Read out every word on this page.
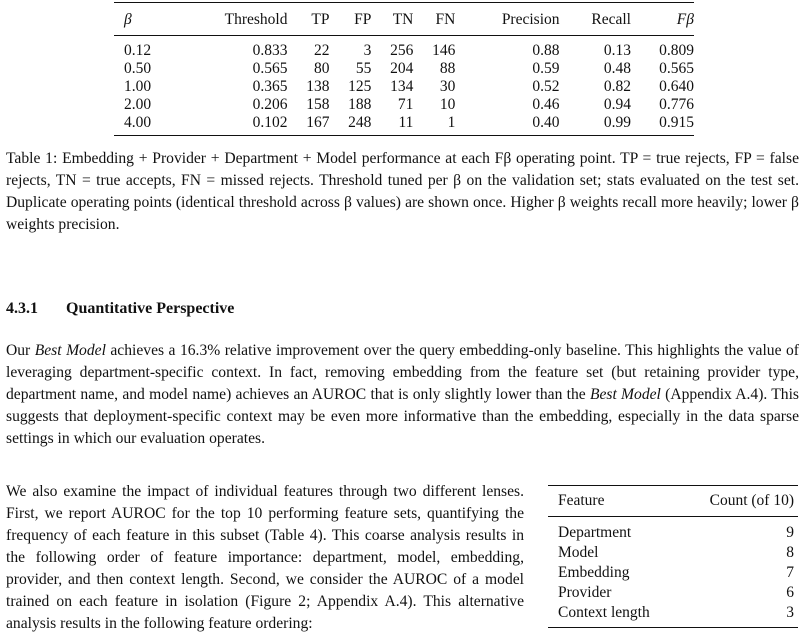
β	Threshold	TP	FP	TN	FN	Precision	Recall	Fβ
0.12	0.833	22	3	256	146	0.88	0.13	0.809
0.50	0.565	80	55	204	88	0.59	0.48	0.565
1.00	0.365	138	125	134	30	0.52	0.82	0.640
2.00	0.206	158	188	71	10	0.46	0.94	0.776
4.00	0.102	167	248	11	1	0.40	0.99	0.915
Table 1: Embedding + Provider + Department + Model performance at each Fβ operating point. TP = true rejects, FP = false rejects, TN = true accepts, FN = missed rejects. Threshold tuned per β on the validation set; stats evaluated on the test set. Duplicate operating points (identical threshold across β values) are shown once. Higher β weights recall more heavily; lower β weights precision.
4.3.1 Quantitative Perspective
Our Best Model achieves a 16.3% relative improvement over the query embedding-only baseline. This highlights the value of leveraging department-specific context. In fact, removing embedding from the feature set (but retaining provider type, department name, and model name) achieves an AUROC that is only slightly lower than the Best Model (Appendix A.4). This suggests that deployment-specific context may be even more informative than the embedding, especially in the data sparse settings in which our evaluation operates.
We also examine the impact of individual features through two different lenses. First, we report AUROC for the top 10 performing feature sets, quantifying the frequency of each feature in this subset (Table 4). This coarse analysis results in the following order of feature importance: department, model, embedding, provider, and then context length. Second, we consider the AUROC of a model trained on each feature in isolation (Figure 2; Appendix A.4). This alternative analysis results in the following feature ordering:
Feature	Count (of 10)
Department	9
Model	8
Embedding	7
Provider	6
Context length	3
